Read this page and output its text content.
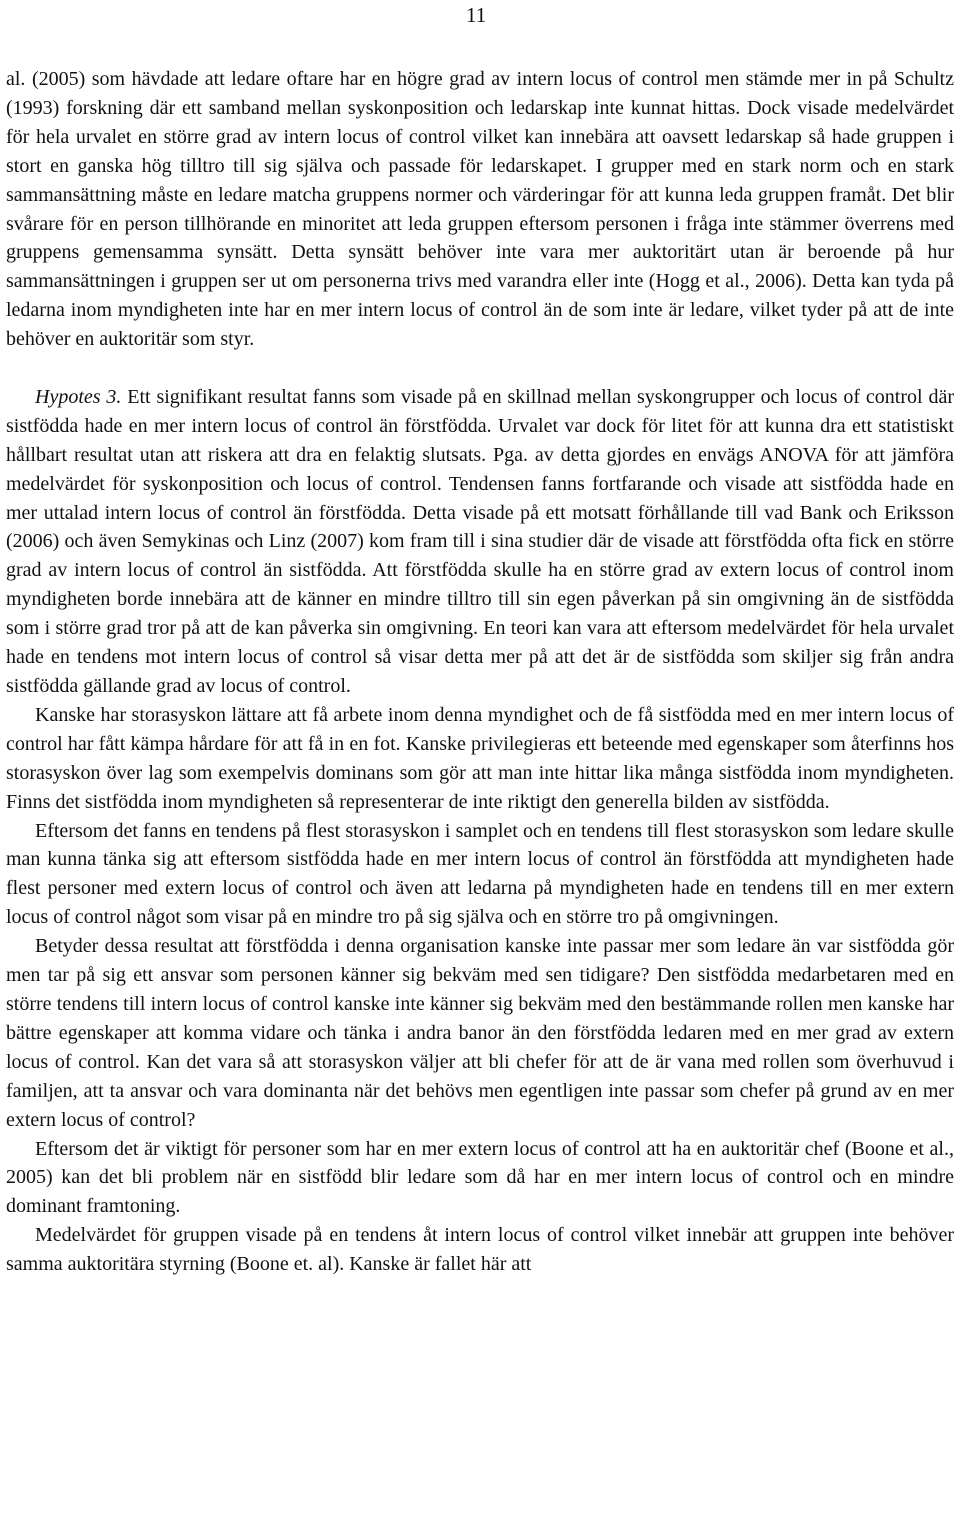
11

al. (2005) som hävdade att ledare oftare har en högre grad av intern locus of control men stämde mer in på Schultz (1993) forskning där ett samband mellan syskonposition och ledarskap inte kunnat hittas. Dock visade medelvärdet för hela urvalet en större grad av intern locus of control vilket kan innebära att oavsett ledarskap så hade gruppen i stort en ganska hög tilltro till sig själva och passade för ledarskapet. I grupper med en stark norm och en stark sammansättning måste en ledare matcha gruppens normer och värderingar för att kunna leda gruppen framåt. Det blir svårare för en person tillhörande en minoritet att leda gruppen eftersom personen i fråga inte stämmer överrens med gruppens gemensamma synsätt. Detta synsätt behöver inte vara mer auktoritärt utan är beroende på hur sammansättningen i gruppen ser ut om personerna trivs med varandra eller inte (Hogg et al., 2006). Detta kan tyda på ledarna inom myndigheten inte har en mer intern locus of control än de som inte är ledare, vilket tyder på att de inte behöver en auktoritär som styr.

Hypotes 3. Ett signifikant resultat fanns som visade på en skillnad mellan syskongrupper och locus of control där sistfödda hade en mer intern locus of control än förstfödda. Urvalet var dock för litet för att kunna dra ett statistiskt hållbart resultat utan att riskera att dra en felaktig slutsats. Pga. av detta gjordes en envägs ANOVA för att jämföra medelvärdet för syskonposition och locus of control. Tendensen fanns fortfarande och visade att sistfödda hade en mer uttalad intern locus of control än förstfödda. Detta visade på ett motsatt förhållande till vad Bank och Eriksson (2006) och även Semykinas och Linz (2007) kom fram till i sina studier där de visade att förstfödda ofta fick en större grad av intern locus of control än sistfödda. Att förstfödda skulle ha en större grad av extern locus of control inom myndigheten borde innebära att de känner en mindre tilltro till sin egen påverkan på sin omgivning än de sistfödda som i större grad tror på att de kan påverka sin omgivning. En teori kan vara att eftersom medelvärdet för hela urvalet hade en tendens mot intern locus of control så visar detta mer på att det är de sistfödda som skiljer sig från andra sistfödda gällande grad av locus of control.

Kanske har storasyskon lättare att få arbete inom denna myndighet och de få sistfödda med en mer intern locus of control har fått kämpa hårdare för att få in en fot. Kanske privilegieras ett beteende med egenskaper som återfinns hos storasyskon över lag som exempelvis dominans som gör att man inte hittar lika många sistfödda inom myndigheten. Finns det sistfödda inom myndigheten så representerar de inte riktigt den generella bilden av sistfödda.

Eftersom det fanns en tendens på flest storasyskon i samplet och en tendens till flest storasyskon som ledare skulle man kunna tänka sig att eftersom sistfödda hade en mer intern locus of control än förstfödda att myndigheten hade flest personer med extern locus of control och även att ledarna på myndigheten hade en tendens till en mer extern locus of control något som visar på en mindre tro på sig själva och en större tro på omgivningen.

Betyder dessa resultat att förstfödda i denna organisation kanske inte passar mer som ledare än var sistfödda gör men tar på sig ett ansvar som personen känner sig bekväm med sen tidigare? Den sistfödda medarbetaren med en större tendens till intern locus of control kanske inte känner sig bekväm med den bestämmande rollen men kanske har bättre egenskaper att komma vidare och tänka i andra banor än den förstfödda ledaren med en mer grad av extern locus of control. Kan det vara så att storasyskon väljer att bli chefer för att de är vana med rollen som överhuvud i familjen, att ta ansvar och vara dominanta när det behövs men egentligen inte passar som chefer på grund av en mer extern locus of control?

Eftersom det är viktigt för personer som har en mer extern locus of control att ha en auktoritär chef (Boone et al., 2005) kan det bli problem när en sistfödd blir ledare som då har en mer intern locus of control och en mindre dominant framtoning.

Medelvärdet för gruppen visade på en tendens åt intern locus of control vilket innebär att gruppen inte behöver samma auktoritära styrning (Boone et. al). Kanske är fallet här att
